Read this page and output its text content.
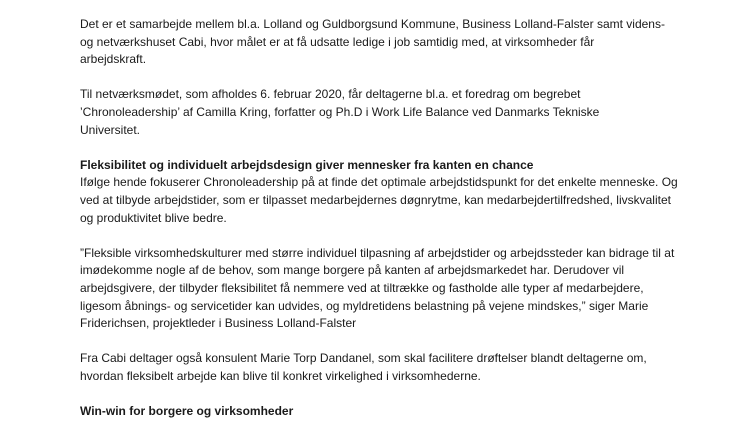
Det er et samarbejde mellem bl.a. Lolland og Guldborgsund Kommune, Business Lolland-Falster samt videns-
og netværkshuset Cabi, hvor målet er at få udsatte ledige i job samtidig med, at virksomheder får
arbejdskraft.

Til netværksmødet, som afholdes 6. februar 2020, får deltagerne bl.a. et foredrag om begrebet
’Chronoleadership’ af Camilla Kring, forfatter og Ph.D i Work Life Balance ved Danmarks Tekniske
Universitet.

Fleksibilitet og individuelt arbejdsdesign giver mennesker fra kanten en chance

Ifølge hende fokuserer Chronoleadership på at finde det optimale arbejdstidspunkt for det enkelte menneske. Og
ved at tilbyde arbejdstider, som er tilpasset medarbejdernes døgnrytme, kan medarbejdertilfredshed, livskvalitet
og produktivitet blive bedre.

”Fleksible virksomhedskulturer med større individuel tilpasning af arbejdstider og arbejdssteder kan bidrage til at
imødekomme nogle af de behov, som mange borgere på kanten af arbejdsmarkedet har. Derudover vil
arbejdsgivere, der tilbyder fleksibilitet få nemmere ved at tiltrække og fastholde alle typer af medarbejdere,
ligesom åbnings- og servicetider kan udvides, og myldretidens belastning på vejene mindskes,” siger Marie
Friderichsen, projektleder i Business Lolland-Falster

Fra Cabi deltager også konsulent Marie Torp Dandanel, som skal facilitere drøftelser blandt deltagerne om,
hvordan fleksibelt arbejde kan blive til konkret virkelighed i virksomhederne.

Win-win for borgere og virksomheder
